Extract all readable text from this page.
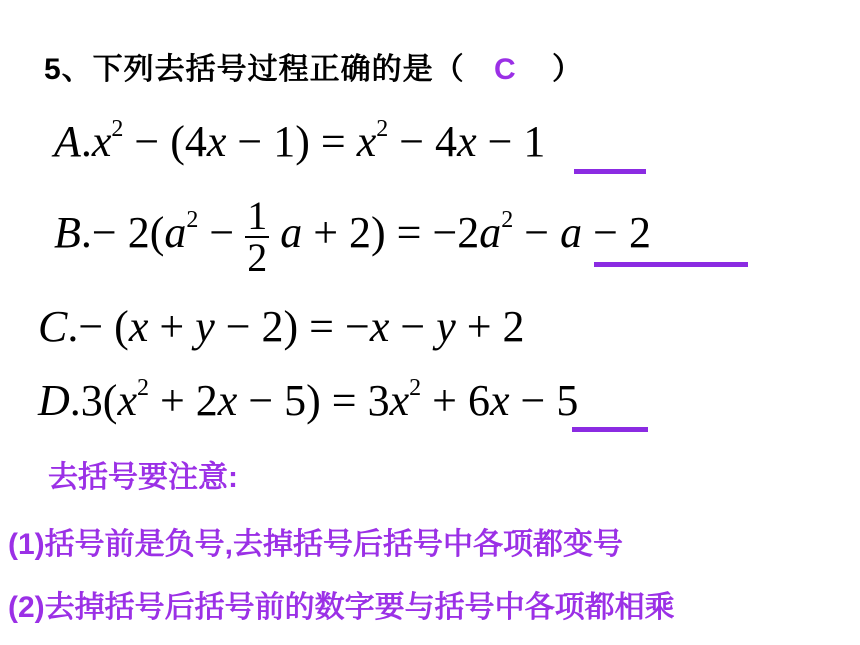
5、下列去括号过程正确的是（ C ）
$A.x^2 - (4x - 1) = x^2 - 4x - 1$
$B.- 2(a^2 - \frac{1}{2}$ $a + 2) = -2a^2 - a - 2$
C.− (x + y − 2) = −x − y + 2
$D.3(x^2 + 2x - 5) = 3x^2 + 6x - 5$
去括号要注意:
(1)括号前是负号,去掉括号后括号中各项都变号
(2)去掉括号后括号前的数字要与括号中各项都相乘
